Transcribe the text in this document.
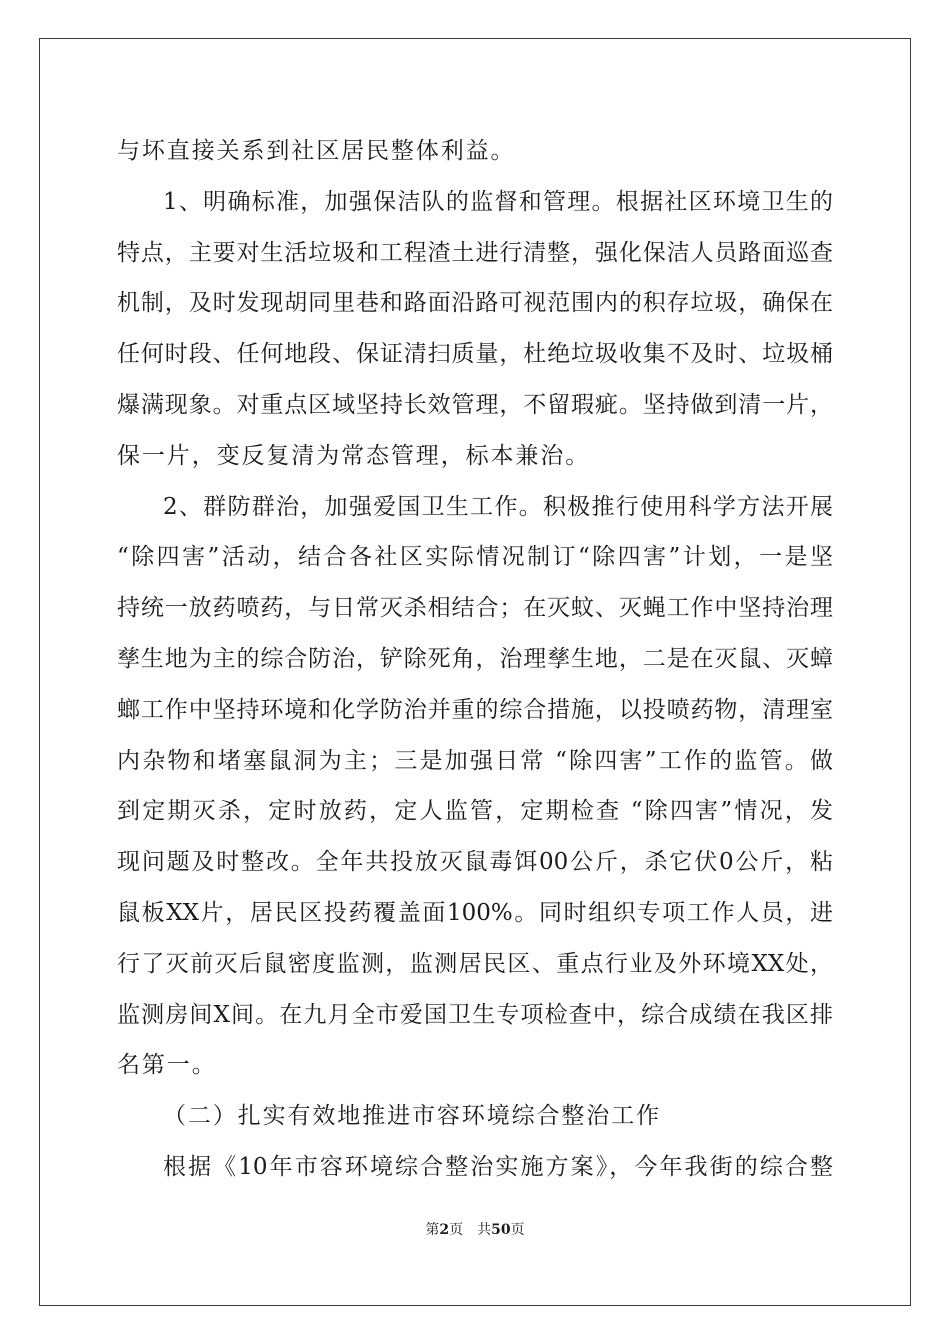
与坏直接关系到社区居民整体利益。
1、明确标准，加强保洁队的监督和管理。根据社区环境卫生的
特点，主要对生活垃圾和工程渣土进行清整，强化保洁人员路面巡查
机制，及时发现胡同里巷和路面沿路可视范围内的积存垃圾，确保在
任何时段、任何地段、保证清扫质量，杜绝垃圾收集不及时、垃圾桶
爆满现象。对重点区域坚持长效管理，不留瑕疵。坚持做到清一片，
保一片，变反复清为常态管理，标本兼治。
2、群防群治，加强爱国卫生工作。积极推行使用科学方法开展
“除四害”活动，结合各社区实际情况制订“除四害”计划，一是坚
持统一放药喷药，与日常灭杀相结合；在灭蚊、灭蝇工作中坚持治理
孳生地为主的综合防治，铲除死角，治理孳生地，二是在灭鼠、灭蟑
螂工作中坚持环境和化学防治并重的综合措施，以投喷药物，清理室
内杂物和堵塞鼠洞为主；三是加强日常 “除四害”工作的监管。做
到定期灭杀，定时放药，定人监管，定期检查 “除四害”情况，发
现问题及时整改。全年共投放灭鼠毒饵00公斤，杀它伏0公斤，粘
鼠板XX片，居民区投药覆盖面100%。同时组织专项工作人员，进
行了灭前灭后鼠密度监测，监测居民区、重点行业及外环境XX处，
监测房间X间。在九月全市爱国卫生专项检查中，综合成绩在我区排
名第一。
（二）扎实有效地推进市容环境综合整治工作
根据《10年市容环境综合整治实施方案》，今年我街的综合整
第2页 共50页
